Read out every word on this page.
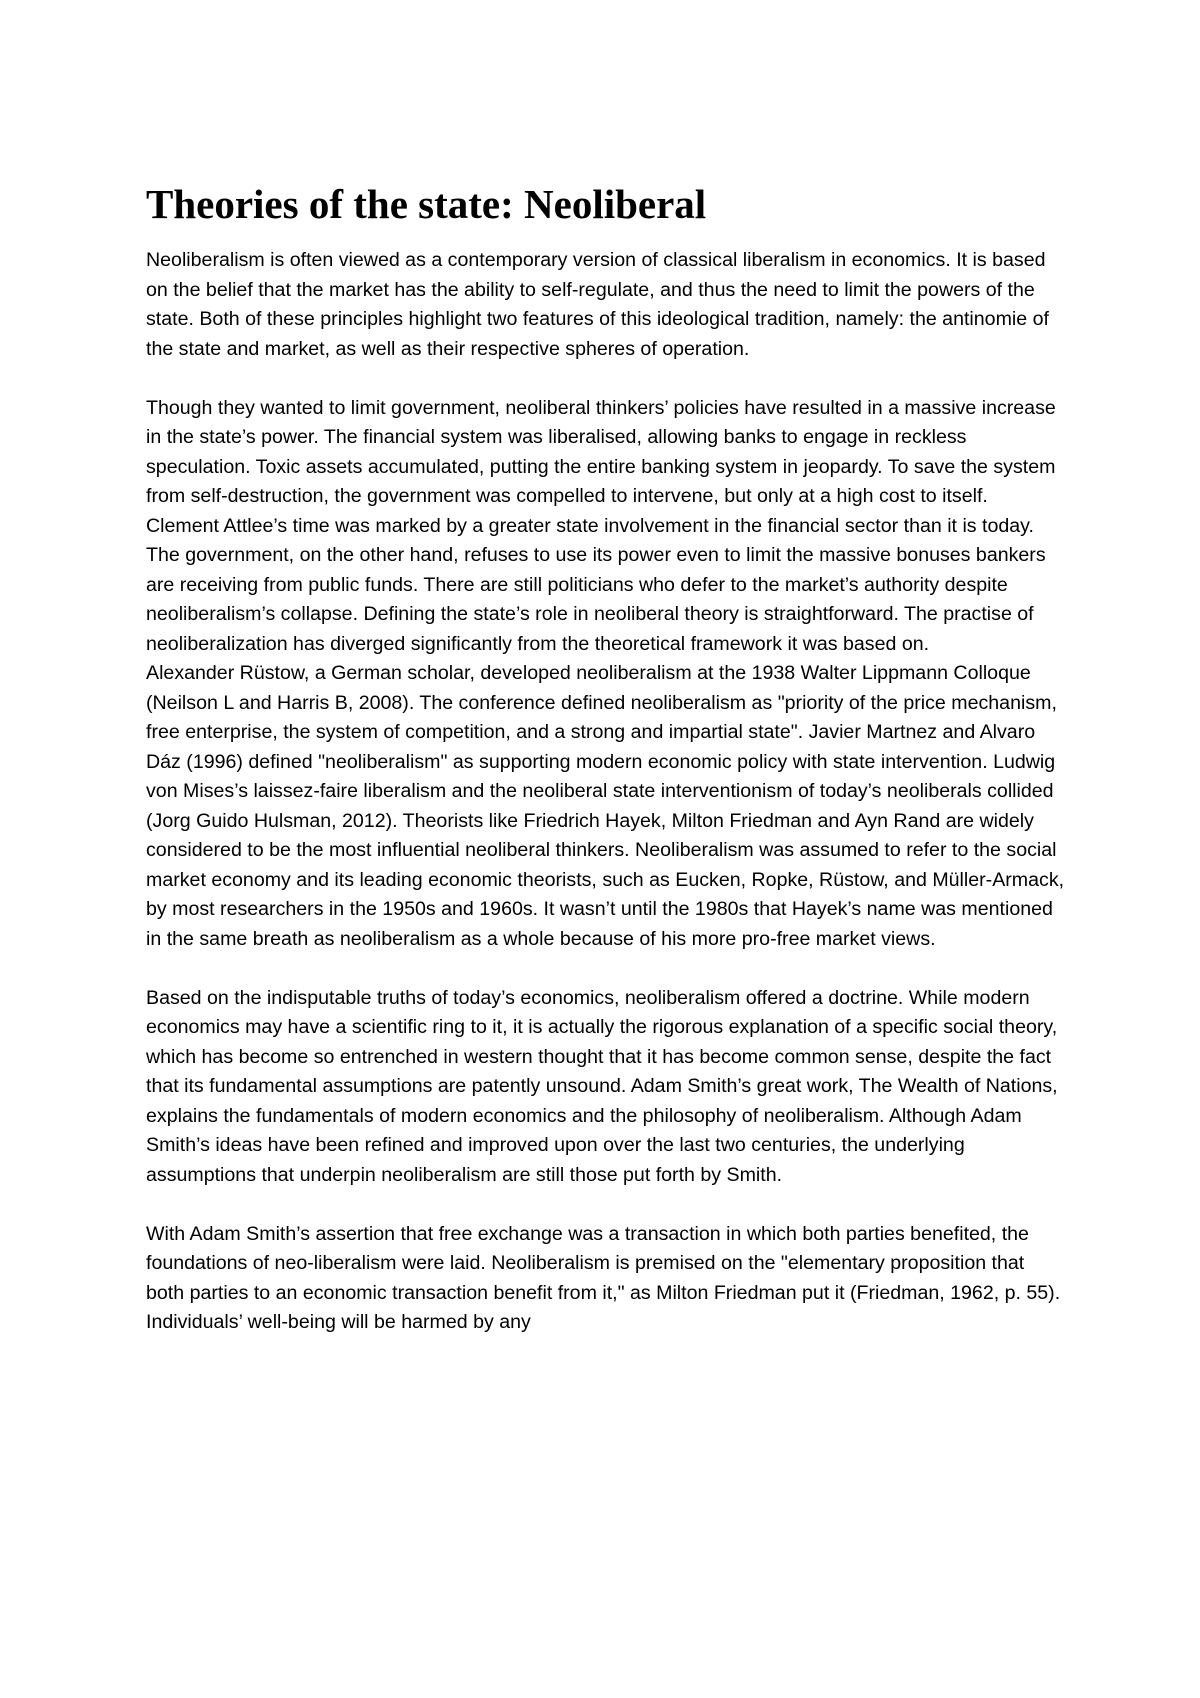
Theories of the state: Neoliberal

Neoliberalism is often viewed as a contemporary version of classical liberalism in economics. It is based on the belief that the market has the ability to self-regulate, and thus the need to limit the powers of the state. Both of these principles highlight two features of this ideological tradition, namely: the antinomie of the state and market, as well as their respective spheres of operation.

Though they wanted to limit government, neoliberal thinkers’ policies have resulted in a massive increase in the state’s power. The financial system was liberalised, allowing banks to engage in reckless speculation. Toxic assets accumulated, putting the entire banking system in jeopardy. To save the system from self-destruction, the government was compelled to intervene, but only at a high cost to itself. Clement Attlee’s time was marked by a greater state involvement in the financial sector than it is today. The government, on the other hand, refuses to use its power even to limit the massive bonuses bankers are receiving from public funds. There are still politicians who defer to the market’s authority despite neoliberalism’s collapse. Defining the state’s role in neoliberal theory is straightforward. The practise of neoliberalization has diverged significantly from the theoretical framework it was based on.

Alexander Rüstow, a German scholar, developed neoliberalism at the 1938 Walter Lippmann Colloque (Neilson L and Harris B, 2008). The conference defined neoliberalism as "priority of the price mechanism, free enterprise, the system of competition, and a strong and impartial state". Javier Martnez and Alvaro Dáz (1996) defined "neoliberalism" as supporting modern economic policy with state intervention. Ludwig von Mises’s laissez-faire liberalism and the neoliberal state interventionism of today’s neoliberals collided (Jorg Guido Hulsman, 2012). Theorists like Friedrich Hayek, Milton Friedman and Ayn Rand are widely considered to be the most influential neoliberal thinkers. Neoliberalism was assumed to refer to the social market economy and its leading economic theorists, such as Eucken, Ropke, Rüstow, and Müller-Armack, by most researchers in the 1950s and 1960s. It wasn’t until the 1980s that Hayek’s name was mentioned in the same breath as neoliberalism as a whole because of his more pro-free market views.

Based on the indisputable truths of today’s economics, neoliberalism offered a doctrine. While modern economics may have a scientific ring to it, it is actually the rigorous explanation of a specific social theory, which has become so entrenched in western thought that it has become common sense, despite the fact that its fundamental assumptions are patently unsound. Adam Smith’s great work, The Wealth of Nations, explains the fundamentals of modern economics and the philosophy of neoliberalism. Although Adam Smith’s ideas have been refined and improved upon over the last two centuries, the underlying assumptions that underpin neoliberalism are still those put forth by Smith.

With Adam Smith’s assertion that free exchange was a transaction in which both parties benefited, the foundations of neo-liberalism were laid. Neoliberalism is premised on the "elementary proposition that both parties to an economic transaction benefit from it," as Milton Friedman put it (Friedman, 1962, p. 55). Individuals’ well-being will be harmed by any
